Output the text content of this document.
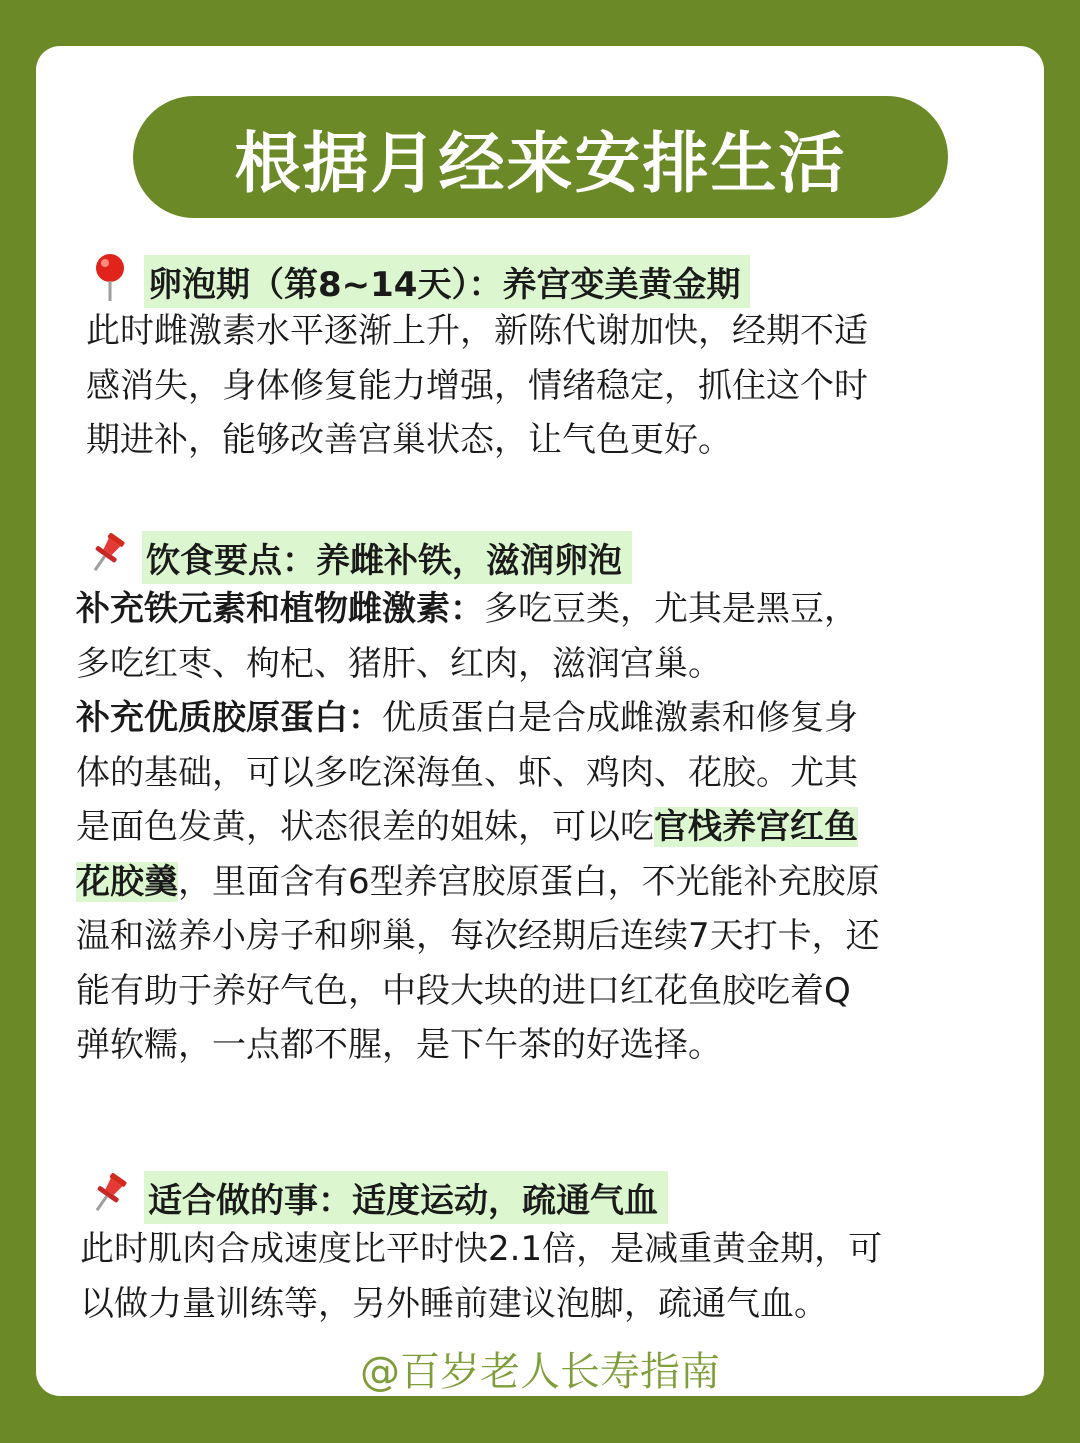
根据月经来安排生活
卵泡期（第8~14天）：养宫变美黄金期
此时雌激素水平逐渐上升，新陈代谢加快，经期不适
感消失，身体修复能力增强，情绪稳定，抓住这个时
期进补，能够改善宫巢状态，让气色更好。
饮食要点：养雌补铁，滋润卵泡
补充铁元素和植物雌激素：多吃豆类，尤其是黑豆，
多吃红枣、枸杞、猪肝、红肉，滋润宫巢。
补充优质胶原蛋白：优质蛋白是合成雌激素和修复身
体的基础，可以多吃深海鱼、虾、鸡肉、花胶。尤其
是面色发黄，状态很差的姐妹，可以吃官栈养宫红鱼
花胶羹，里面含有6型养宫胶原蛋白，不光能补充胶原
温和滋养小房子和卵巢，每次经期后连续7天打卡，还
能有助于养好气色，中段大块的进口红花鱼胶吃着Q
弹软糯，一点都不腥，是下午茶的好选择。
适合做的事：适度运动，疏通气血
此时肌肉合成速度比平时快2.1倍，是减重黄金期，可
以做力量训练等，另外睡前建议泡脚，疏通气血。
@百岁老人长寿指南
